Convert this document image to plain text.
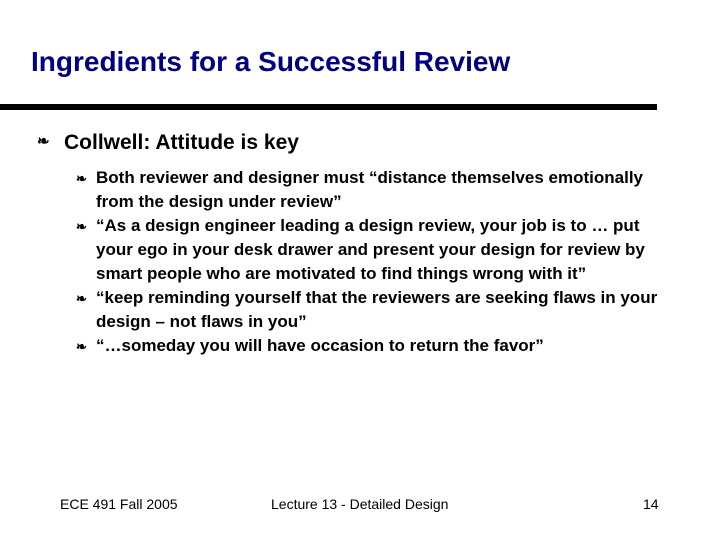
Ingredients for a Successful Review
❧ Collwell: Attitude is key
❧ Both reviewer and designer must “distance themselves emotionally from the design under review”
❧ “As a design engineer leading a design review, your job is to … put your ego in your desk drawer and present your design for review by smart people who are motivated to find things wrong with it”
❧ “keep reminding yourself that the reviewers are seeking flaws in your design – not flaws in you”
❧ “…someday you will have occasion to return the favor”
ECE 491 Fall 2005	Lecture 13 - Detailed Design	14
